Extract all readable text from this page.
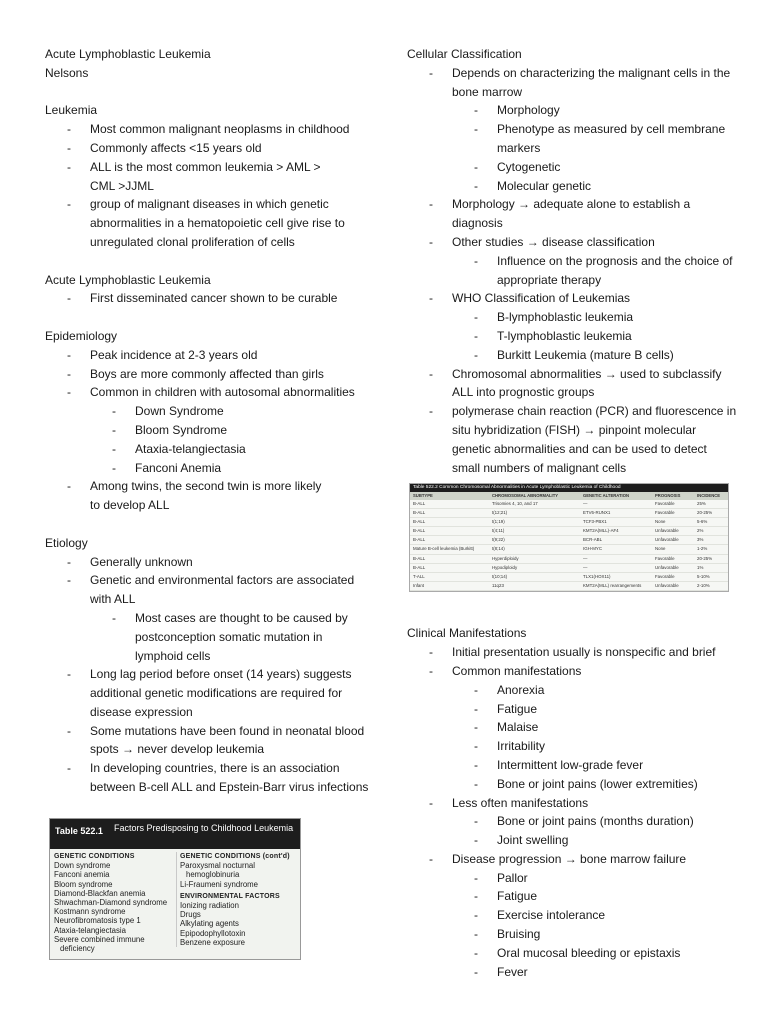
Acute Lymphoblastic Leukemia

Nelsons

Leukemia

- Most common malignant neoplasms in childhood
- Commonly affects <15 years old
- ALL is the most common leukemia > AML > CML >JJML
- group of malignant diseases in which genetic abnormalities in a hematopoietic cell give rise to unregulated clonal proliferation of cells

Acute Lymphoblastic Leukemia

- First disseminated cancer shown to be curable

Epidemiology

- Peak incidence at 2-3 years old
- Boys are more commonly affected than girls
- Common in children with autosomal abnormalities
- Down Syndrome
- Bloom Syndrome
- Ataxia-telangiectasia
- Fanconi Anemia
- Among twins, the second twin is more likely to develop ALL

Etiology

- Generally unknown
- Genetic and environmental factors are associated with ALL
- Most cases are thought to be caused by postconception somatic mutation in lymphoid cells
- Long lag period before onset (14 years) suggests additional genetic modifications are required for disease expression
- Some mutations have been found in neonatal blood spots → never develop leukemia
- In developing countries, there is an association between B-cell ALL and Epstein-Barr virus infections
Table 522.1 Factors Predisposing to Childhood Leukemia
GENETIC CONDITIONS
Down syndrome
Fanconi anemia
Bloom syndrome
Diamond-Blackfan anemia
Shwachman-Diamond syndrome
Kostmann syndrome
Neurofibromatosis type 1
Ataxia-telangiectasia
Severe combined immune
deficiency
GENETIC CONDITIONS (cont'd)
Paroxysmal nocturnal
hemoglobinuria
Li-Fraumeni syndrome
ENVIRONMENTAL FACTORS
Ionizing radiation
Drugs
Alkylating agents
Epipodophyllotoxin
Benzene exposure

Cellular Classification

- Depends on characterizing the malignant cells in the bone marrow
- Morphology
- Phenotype as measured by cell membrane markers
- Cytogenetic
- Molecular genetic
- Morphology → adequate alone to establish a diagnosis
- Other studies → disease classification
- Influence on the prognosis and the choice of appropriate therapy
- WHO Classification of Leukemias
- B-lymphoblastic leukemia
- T-lymphoblastic leukemia
- Burkitt Leukemia (mature B cells)
- Chromosomal abnormalities → used to subclassify ALL into prognostic groups
- polymerase chain reaction (PCR) and fluorescence in situ hybridization (FISH) → pinpoint molecular genetic abnormalities and can be used to detect small numbers of malignant cells

Clinical Manifestations

- Initial presentation usually is nonspecific and brief
- Common manifestations
- Anorexia
- Fatigue
- Malaise
- Irritability
- Intermittent low-grade fever
- Bone or joint pains (lower extremities)
- Less often manifestations
- Bone or joint pains (months duration)
- Joint swelling
- Disease progression → bone marrow failure
- Pallor
- Fatigue
- Exercise intolerance
- Bruising
- Oral mucosal bleeding or epistaxis
- Fever
Table 522.2 Common Chromosomal Abnormalities in Acute Lymphoblastic Leukemia of Childhood
SUBTYPE	CHROMOSOMAL ABNORMALITY	GENETIC ALTERATION	PROGNOSIS	INCIDENCE
B-ALL	Trisomies 4, 10, and 17	—	Favorable	25%
B-ALL	t(12;21)	ETV6-RUNX1	Favorable	20-25%
B-ALL	t(1;19)	TCF3-PBX1	None	5-6%
B-ALL	t(4;11)	KMT2A(MLL)-AF4	Unfavorable	2%
B-ALL	t(9;22)	BCR-ABL	Unfavorable	3%
Mature B-cell leukemia (Burkitt)	t(8;14)	IGH-MYC	None	1-2%
B-ALL	Hyperdiploidy	—	Favorable	20-25%
B-ALL	Hypodiploidy	—	Unfavorable	1%
T-ALL	t(10;14)	TLX1(HOX11)	Favorable	5-10%
Infant	11q23	KMT2A(MLL) rearrangements	Unfavorable	2-10%
